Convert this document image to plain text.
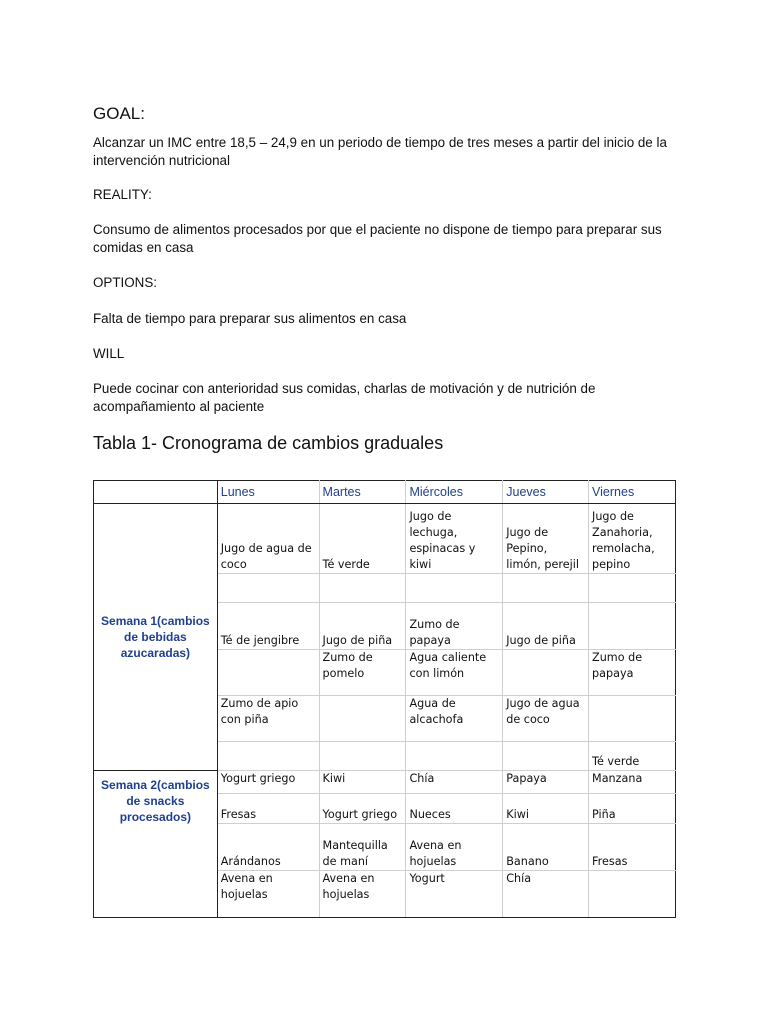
GOAL:

Alcanzar un IMC entre 18,5 – 24,9 en un periodo de tiempo de tres meses a partir del inicio de la intervención nutricional

REALITY:

Consumo de alimentos procesados por que el paciente no dispone de tiempo para preparar sus comidas en casa

OPTIONS:

Falta de tiempo para preparar sus alimentos en casa

WILL

Puede cocinar con anterioridad sus comidas, charlas de motivación y de nutrición de acompañamiento al paciente

Tabla 1- Cronograma de cambios graduales
	Lunes	Martes	Miércoles	Jueves	Viernes
Semana 1(cambios de bebidas azucaradas)	Jugo de agua de coco	Té verde	Jugo de lechuga, espinacas y kiwi	Jugo de Pepino, limón, perejil	Jugo de Zanahoria, remolacha, pepino

	Té de jengibre	Jugo de piña	Zumo de papaya	Jugo de piña	
		Zumo de pomelo	Agua caliente con limón		Zumo de papaya
	Zumo de apio con piña		Agua de alcachofa	Jugo de agua de coco	
					Té verde
Semana 2(cambios de snacks procesados)	Yogurt griego	Kiwi	Chía	Papaya	Manzana
	Fresas	Yogurt griego	Nueces	Kiwi	Piña
	Arándanos	Mantequilla de maní	Avena en hojuelas	Banano	Fresas
	Avena en hojuelas	Avena en hojuelas	Yogurt	Chía	
